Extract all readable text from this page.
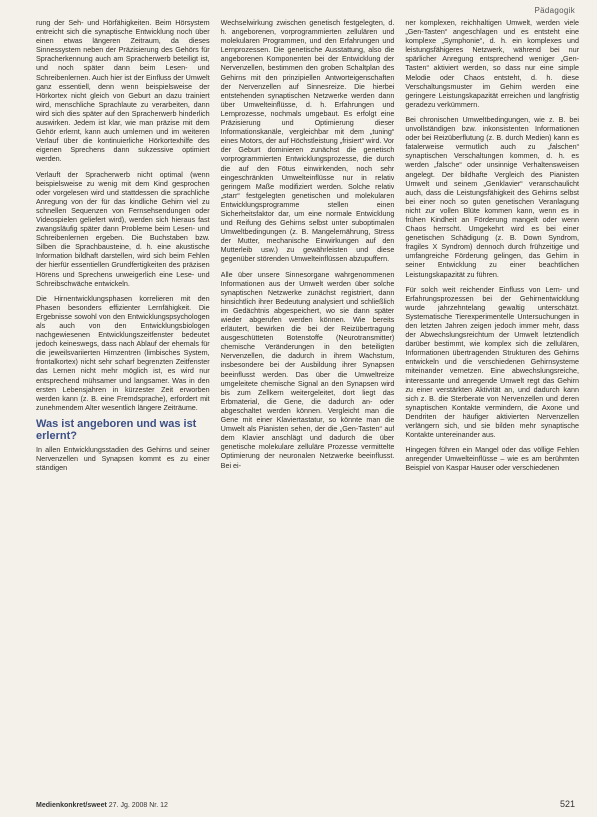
Pädagogik

rung der Seh- und Hörfähigkeiten. Beim Hörsystem entreicht sich die synaptische Entwicklung noch über einen etwas längeren Zeitraum, da dieses Sinnessystem neben der Präzisierung des Gehörs für Spracherkennung auch am Spracherwerb beteiligt ist, und noch später dann beim Lesen- und Schreibenlernen. Auch hier ist der Einfluss der Umwelt ganz essentiell, denn wenn beispielsweise der Hörkortex nicht gleich von Geburt an dazu trainiert wird, menschliche Sprachlaute zu verarbeiten, dann wird sich dies später auf den Spracherwerb hinderlich auswirken. Jedem ist klar, wie man präzise mit dem Gehör erlernt, kann auch umlernen und im weiteren Verlauf über die kontinuierliche Hörkortexhilfe des eigenen Sprechens dann sukzessive optimiert werden.

Verlauft der Spracherwerb nicht optimal (wenn beispielsweise zu wenig mit dem Kind gesprochen oder vorgelesen wird und stattdessen die sprachliche Anregung von der für das kindliche Gehirn viel zu schnellen Sequenzen von Fernsehsendungen oder Videospielen geliefert wird), werden sich hieraus fast zwangsläufig später dann Probleme beim Lesen- und Schreibenlernen ergeben. Die Buchstaben bzw. Silben die Sprachbausteine, d. h. eine akustische Information bildhaft darstellen, wird sich beim Fehlen der hierfür essentiellen Grundfertigkeiten des präzisen Hörens und Sprechens unweigerlich eine Lese- und Schreibschwäche entwickeln.

Die Hirnentwicklungsphasen korrelieren mit den Phasen besonders effizienter Lernfähigkeit. Die Ergebnisse sowohl von den Entwicklungspsychologen als auch von den Entwicklungsbiologen nachgewiesenen Entwicklungszeitfenster bedeutet jedoch keineswegs, dass nach Ablauf der ehemals für die jeweilsvariierten Hirnzentren (limbisches System, frontalkortex) nicht sehr scharf begrenzten Zeitfenster das Lernen nicht mehr möglich ist, es wird nur entsprechend mühsamer und langsamer. Was in den ersten Lebensjahren in kürzester Zeit erworben werden kann (z. B. eine Fremdsprache), erfordert mit zunehmendem Alter wesentlich längere Zeiträume.

Was ist angeboren und was ist erlernt?

In allen Entwicklungsstadien des Gehirns und seiner Nervenzellen und Synapsen kommt es zu einer ständigen

Wechselwirkung zwischen genetisch festgelegten, d. h. angeborenen, vorprogrammierten zellulären und molekularen Programmen, und den Erfahrungen und Lernprozessen. Die genetische Ausstattung, also die angeborenen Komponenten bei der Entwicklung der Nervenzellen, bestimmen den groben Schaltplan des Gehirns mit den prinzipiellen Antworteigenschaften der Nervenzellen auf Sinnesreize. Die hierbei entstehenden synaptischen Netzwerke werden dann über Umwelteinflüsse, d. h. Erfahrungen und Lernprozesse, nochmals umgebaut. Es erfolgt eine Präzisierung und Optimierung dieser Informationskanäle, vergleichbar mit dem „tuning“ eines Motors, der auf Höchstleistung „frisiert“ wird. Vor der Geburt dominieren zunächst die genetisch vorprogrammierten Entwicklungsprozesse, die durch die auf den Fötus einwirkenden, noch sehr eingeschränkten Umwelteinflüsse nur in relativ geringem Maße modifiziert werden. Solche relativ „starr“ festgelegten genetischen und molekularen Entwicklungsprogramme stellen einen Sicherheitsfaktor dar, um eine normale Entwicklung und Reifung des Gehirns selbst unter suboptimalen Umweltbedingungen (z. B. Mangelernährung, Stress der Mutter, mechanische Einwirkungen auf den Mutterleib usw.) zu gewährleisten und diese gegenüber störenden Umwelteinflüssen abzupuffern.

Alle über unsere Sinnesorgane wahrgenommenen Informationen aus der Umwelt werden über solche synaptischen Netzwerke zunächst registriert, dann hinsichtlich ihrer Bedeutung analysiert und schließlich im Gedächtnis abgespeichert, wo sie dann später wieder abgerufen werden können. Wie bereits erläutert, bewirken die bei der Reizübertragung ausgeschütteten Botenstoffe (Neurotransmitter) chemische Veränderungen in den beteiligten Nervenzellen, die dadurch in ihrem Wachstum, insbesondere bei der Ausbildung ihrer Synapsen beeinflusst werden. Das über die Umweltreize umgeleitete chemische Signal an den Synapsen wird bis zum Zellkern weitergeleitet, dort liegt das Erbmaterial, die Gene, die dadurch an- oder abgeschaltet werden können. Vergleicht man die Gene mit einer Klaviertastatur, so könnte man die Umwelt als Pianisten sehen, der die „Gen-Tasten“ auf dem Klavier anschlägt und dadurch die über genetische molekulare zelluläre Prozesse vermittelte Optimierung der neuronalen Netzwerke beeinflusst. Bei ei-

ner komplexen, reichhaltigen Umwelt, werden viele „Gen-Tasten“ angeschlagen und es entsteht eine komplexe „Symphonie“, d. h. ein komplexes und leistungsfähigeres Netzwerk, während bei nur spärlicher Anregung entsprechend weniger „Gen-Tasten“ aktiviert werden, so dass nur eine simple Melodie oder Chaos entsteht, d. h. diese Verschaltungsmuster im Gehirn werden eine geringere Leistungskapazität erreichen und langfristig geradezu verkümmern.

Bei chronischen Umweltbedingungen, wie z. B. bei unvollständigen bzw. inkonsistenten Informationen oder bei Reizüberflutung (z. B. durch Medien) kann es fatalerweise vermutlich auch zu „falschen“ synaptischen Verschaltungen kommen, d. h. es werden „falsche“ oder unsinnige Verhaltensweisen angelegt. Der bildhafte Vergleich des Pianisten Umwelt und seinem „Genklavier“ veranschaulicht auch, dass die Leistungsfähigkeit des Gehirns selbst bei einer noch so guten genetischen Veranlagung nicht zur vollen Blüte kommen kann, wenn es in frühen Kindheit an Förderung mangelt oder wenn Chaos herrscht. Umgekehrt wird es bei einer genetischen Schädigung (z. B. Down Syndrom, fragiles X Syndrom) dennoch durch frühzeitige und umfangreiche Förderung gelingen, das Gehirn in seiner Entwicklung zu einer beachtlichen Leistungskapazität zu führen.

Für solch weit reichender Einfluss von Lern- und Erfahrungsprozessen bei der Gehirnentwicklung wurde jahrzehntelang gewaltig unterschätzt. Systematische Tierexperimentelle Untersuchungen in den letzten Jahren zeigen jedoch immer mehr, dass der Abwechslungsreichtum der Umwelt letztendlich darüber bestimmt, wie komplex sich die zellulären, Informationen übertragenden Strukturen des Gehirns entwickeln und die verschiedenen Gehirnsysteme miteinander vernetzen. Eine abwechslungsreiche, interessante und anregende Umwelt regt das Gehirn zu einer verstärkten Aktivität an, und dadurch kann sich z. B. die Sterberate von Nervenzellen und deren synaptischen Kontakte vermindern, die Axone und Dendriten der häufiger aktivierten Nervenzellen verlängern sich, und sie bilden mehr synaptische Kontakte untereinander aus.

Hingegen führen ein Mangel oder das völlige Fehlen anregender Umwelteinflüsse – wie es am berühmten Beispiel von Kaspar Hauser oder verschiedenen

Medienkonkret/sweet 27. Jg. 2008 Nr. 12	521
